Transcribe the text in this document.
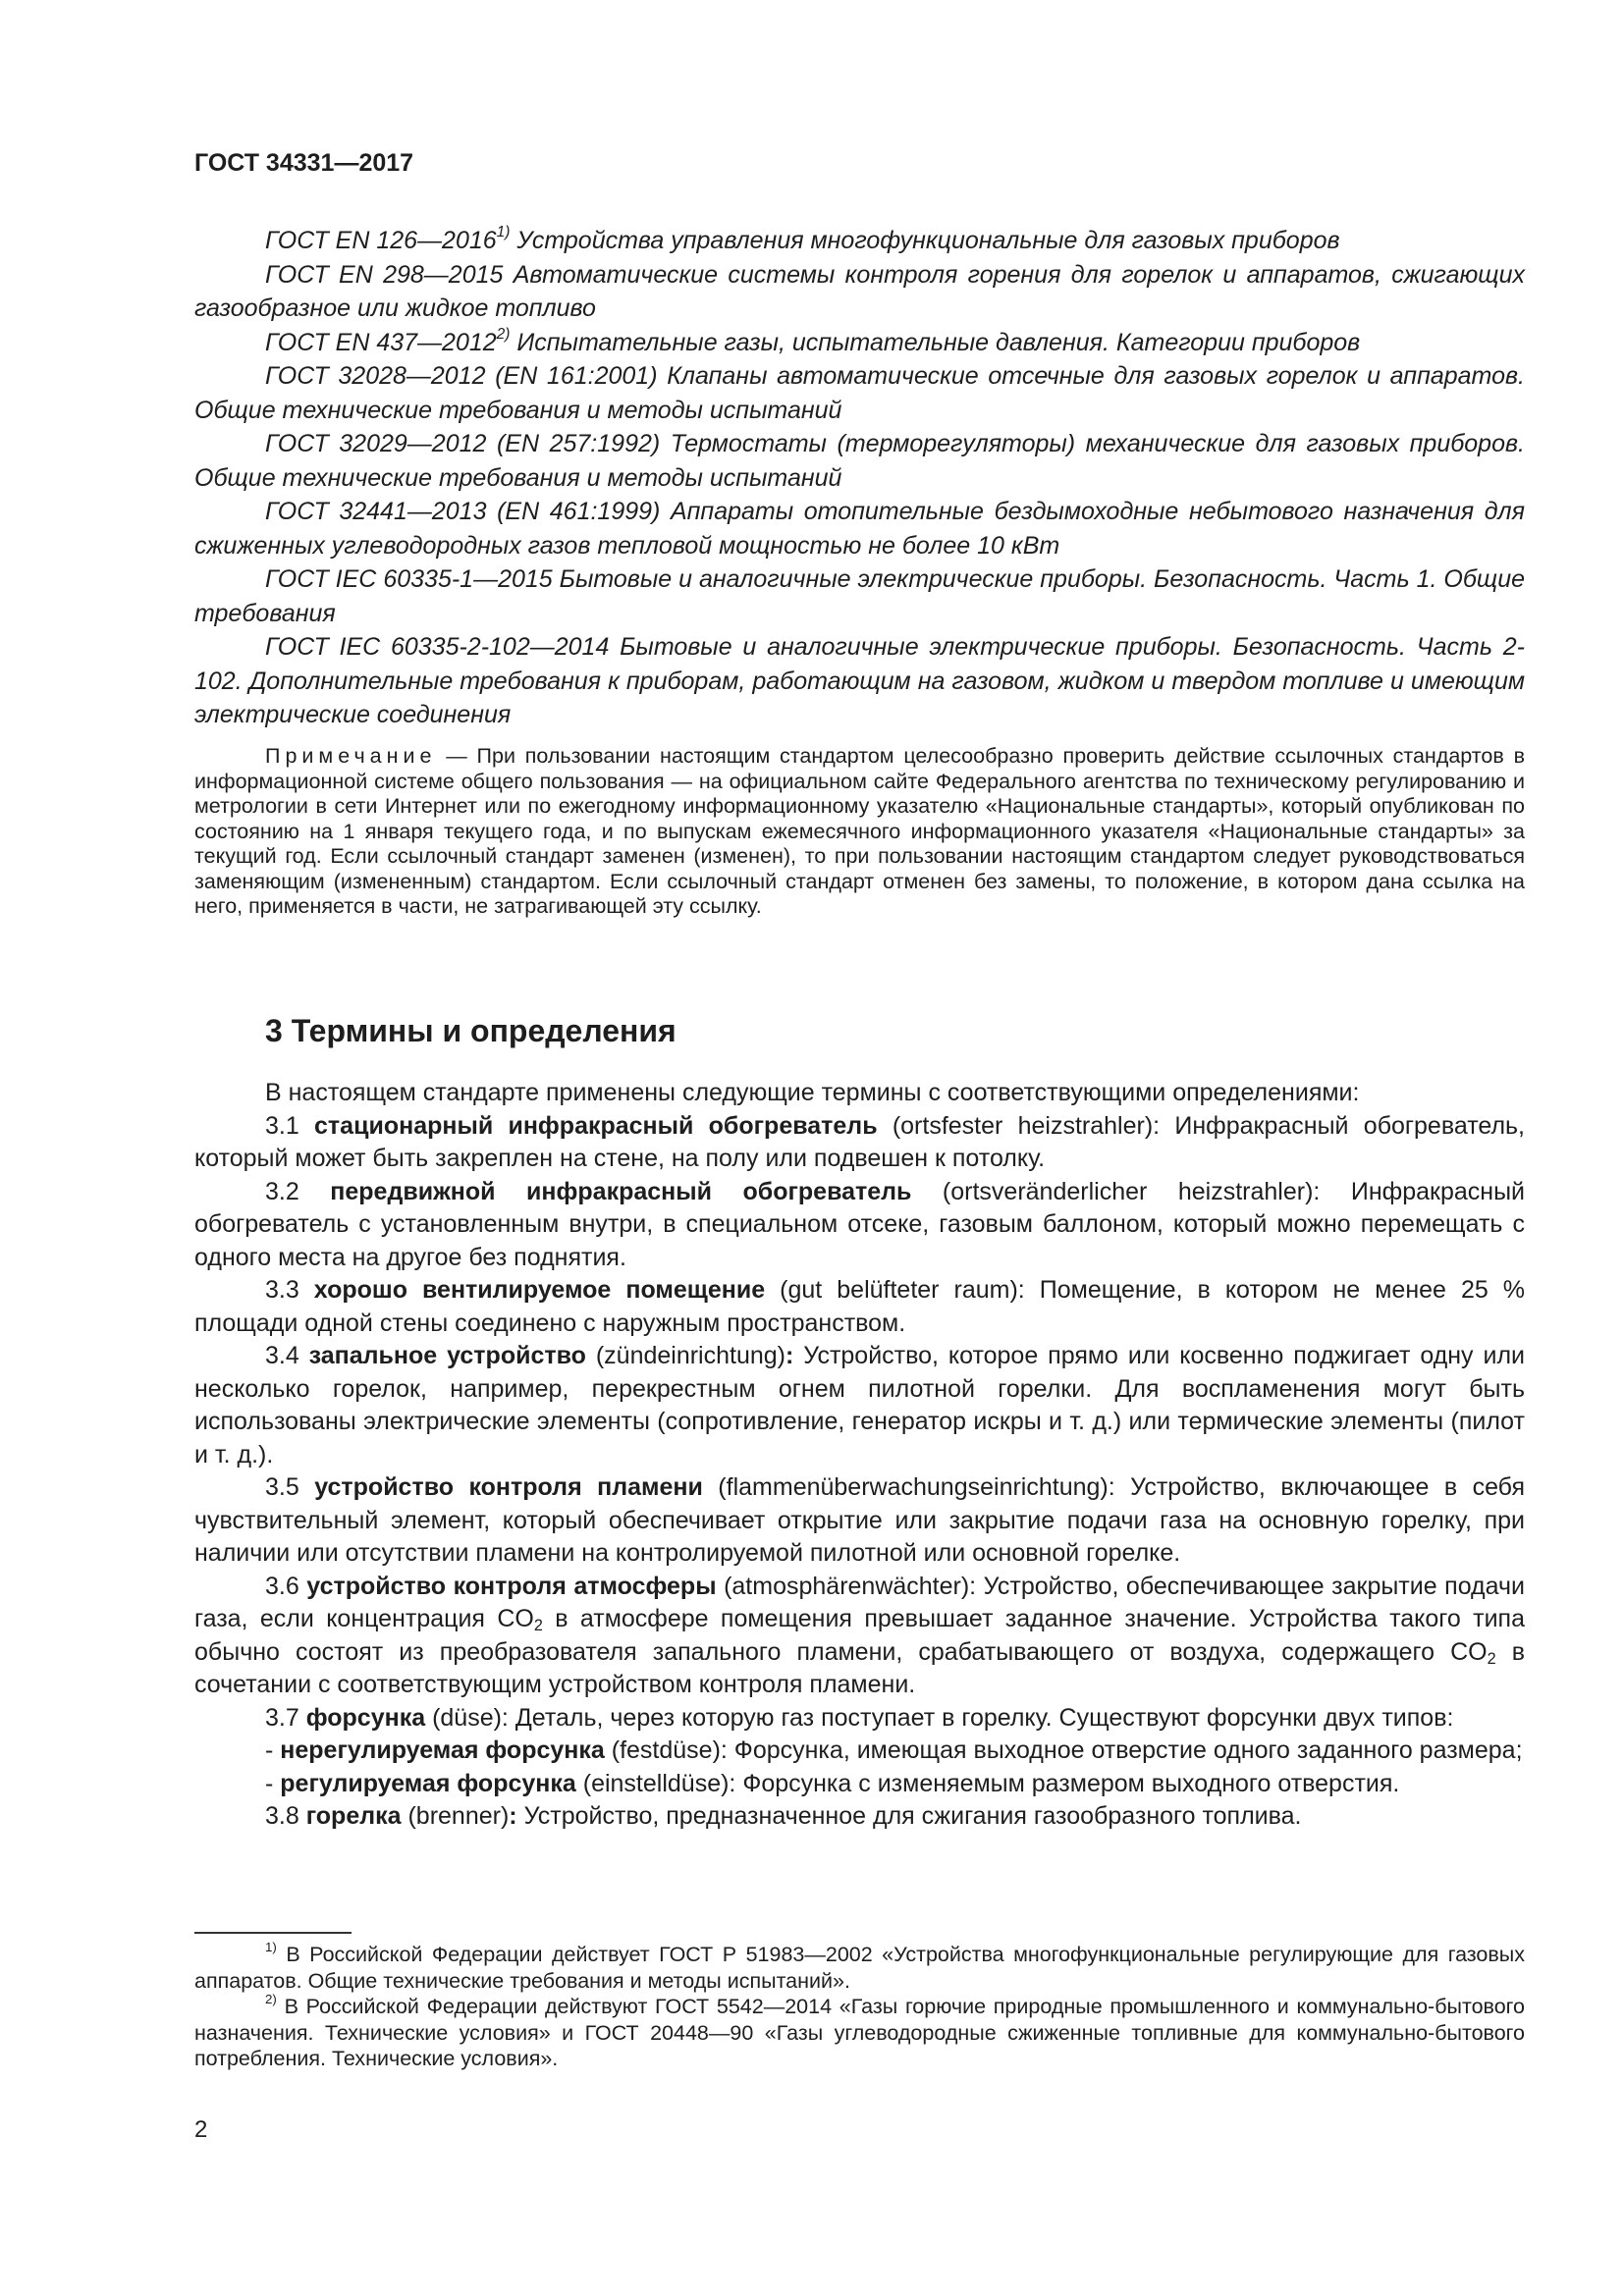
ГОСТ 34331—2017

ГОСТ EN 126—2016$^{1)}$ Устройства управления многофункциональные для газовых приборов

ГОСТ EN 298—2015 Автоматические системы контроля горения для горелок и аппаратов, сжигающих газообразное или жидкое топливо

ГОСТ EN 437—2012$^{2)}$ Испытательные газы, испытательные давления. Категории приборов

ГОСТ 32028—2012 (EN 161:2001) Клапаны автоматические отсечные для газовых горелок и аппаратов. Общие технические требования и методы испытаний

ГОСТ 32029—2012 (EN 257:1992) Термостаты (терморегуляторы) механические для газовых приборов. Общие технические требования и методы испытаний

ГОСТ 32441—2013 (EN 461:1999) Аппараты отопительные бездымоходные небытового назначения для сжиженных углеводородных газов тепловой мощностью не более 10 кВт

ГОСТ IEC 60335-1—2015 Бытовые и аналогичные электрические приборы. Безопасность. Часть 1. Общие требования

ГОСТ IEC 60335-2-102—2014 Бытовые и аналогичные электрические приборы. Безопасность. Часть 2-102. Дополнительные требования к приборам, работающим на газовом, жидком и твердом топливе и имеющим электрические соединения

Примечание — При пользовании настоящим стандартом целесообразно проверить действие ссылочных стандартов в информационной системе общего пользования — на официальном сайте Федерального агентства по техническому регулированию и метрологии в сети Интернет или по ежегодному информационному указателю «Национальные стандарты», который опубликован по состоянию на 1 января текущего года, и по выпускам ежемесячного информационного указателя «Национальные стандарты» за текущий год. Если ссылочный стандарт заменен (изменен), то при пользовании настоящим стандартом следует руководствоваться заменяющим (измененным) стандартом. Если ссылочный стандарт отменен без замены, то положение, в котором дана ссылка на него, применяется в части, не затрагивающей эту ссылку.

3 Термины и определения

В настоящем стандарте применены следующие термины с соответствующими определениями:

3.1 стационарный инфракрасный обогреватель (ortsfester heizstrahler): Инфракрасный обогреватель, который может быть закреплен на стене, на полу или подвешен к потолку.

3.2 передвижной инфракрасный обогреватель (ortsveränderlicher heizstrahler): Инфракрасный обогреватель с установленным внутри, в специальном отсеке, газовым баллоном, который можно перемещать с одного места на другое без поднятия.

3.3 хорошо вентилируемое помещение (gut belüfteter raum): Помещение, в котором не менее 25 % площади одной стены соединено с наружным пространством.

3.4 запальное устройство (zündeinrichtung): Устройство, которое прямо или косвенно поджигает одну или несколько горелок, например, перекрестным огнем пилотной горелки. Для воспламенения могут быть использованы электрические элементы (сопротивление, генератор искры и т. д.) или термические элементы (пилот и т. д.).

3.5 устройство контроля пламени (flammenüberwachungseinrichtung): Устройство, включающее в себя чувствительный элемент, который обеспечивает открытие или закрытие подачи газа на основную горелку, при наличии или отсутствии пламени на контролируемой пилотной или основной горелке.

3.6 устройство контроля атмосферы (atmosphärenwächter): Устройство, обеспечивающее закрытие подачи газа, если концентрация $CO_2$ в атмосфере помещения превышает заданное значение. Устройства такого типа обычно состоят из преобразователя запального пламени, срабатывающего от воздуха, содержащего $CO_2$ в сочетании с соответствующим устройством контроля пламени.

3.7 форсунка (düse): Деталь, через которую газ поступает в горелку. Существуют форсунки двух типов:

- нерегулируемая форсунка (festdüse): Форсунка, имеющая выходное отверстие одного заданного размера;

- регулируемая форсунка (einstelldüse): Форсунка с изменяемым размером выходного отверстия.

3.8 горелка (brenner): Устройство, предназначенное для сжигания газообразного топлива.

$^{1)}$ В Российской Федерации действует ГОСТ Р 51983—2002 «Устройства многофункциональные регулирующие для газовых аппаратов. Общие технические требования и методы испытаний».

$^{2)}$ В Российской Федерации действуют ГОСТ 5542—2014 «Газы горючие природные промышленного и коммунально-бытового назначения. Технические условия» и ГОСТ 20448—90 «Газы углеводородные сжиженные топливные для коммунально-бытового потребления. Технические условия».

2
